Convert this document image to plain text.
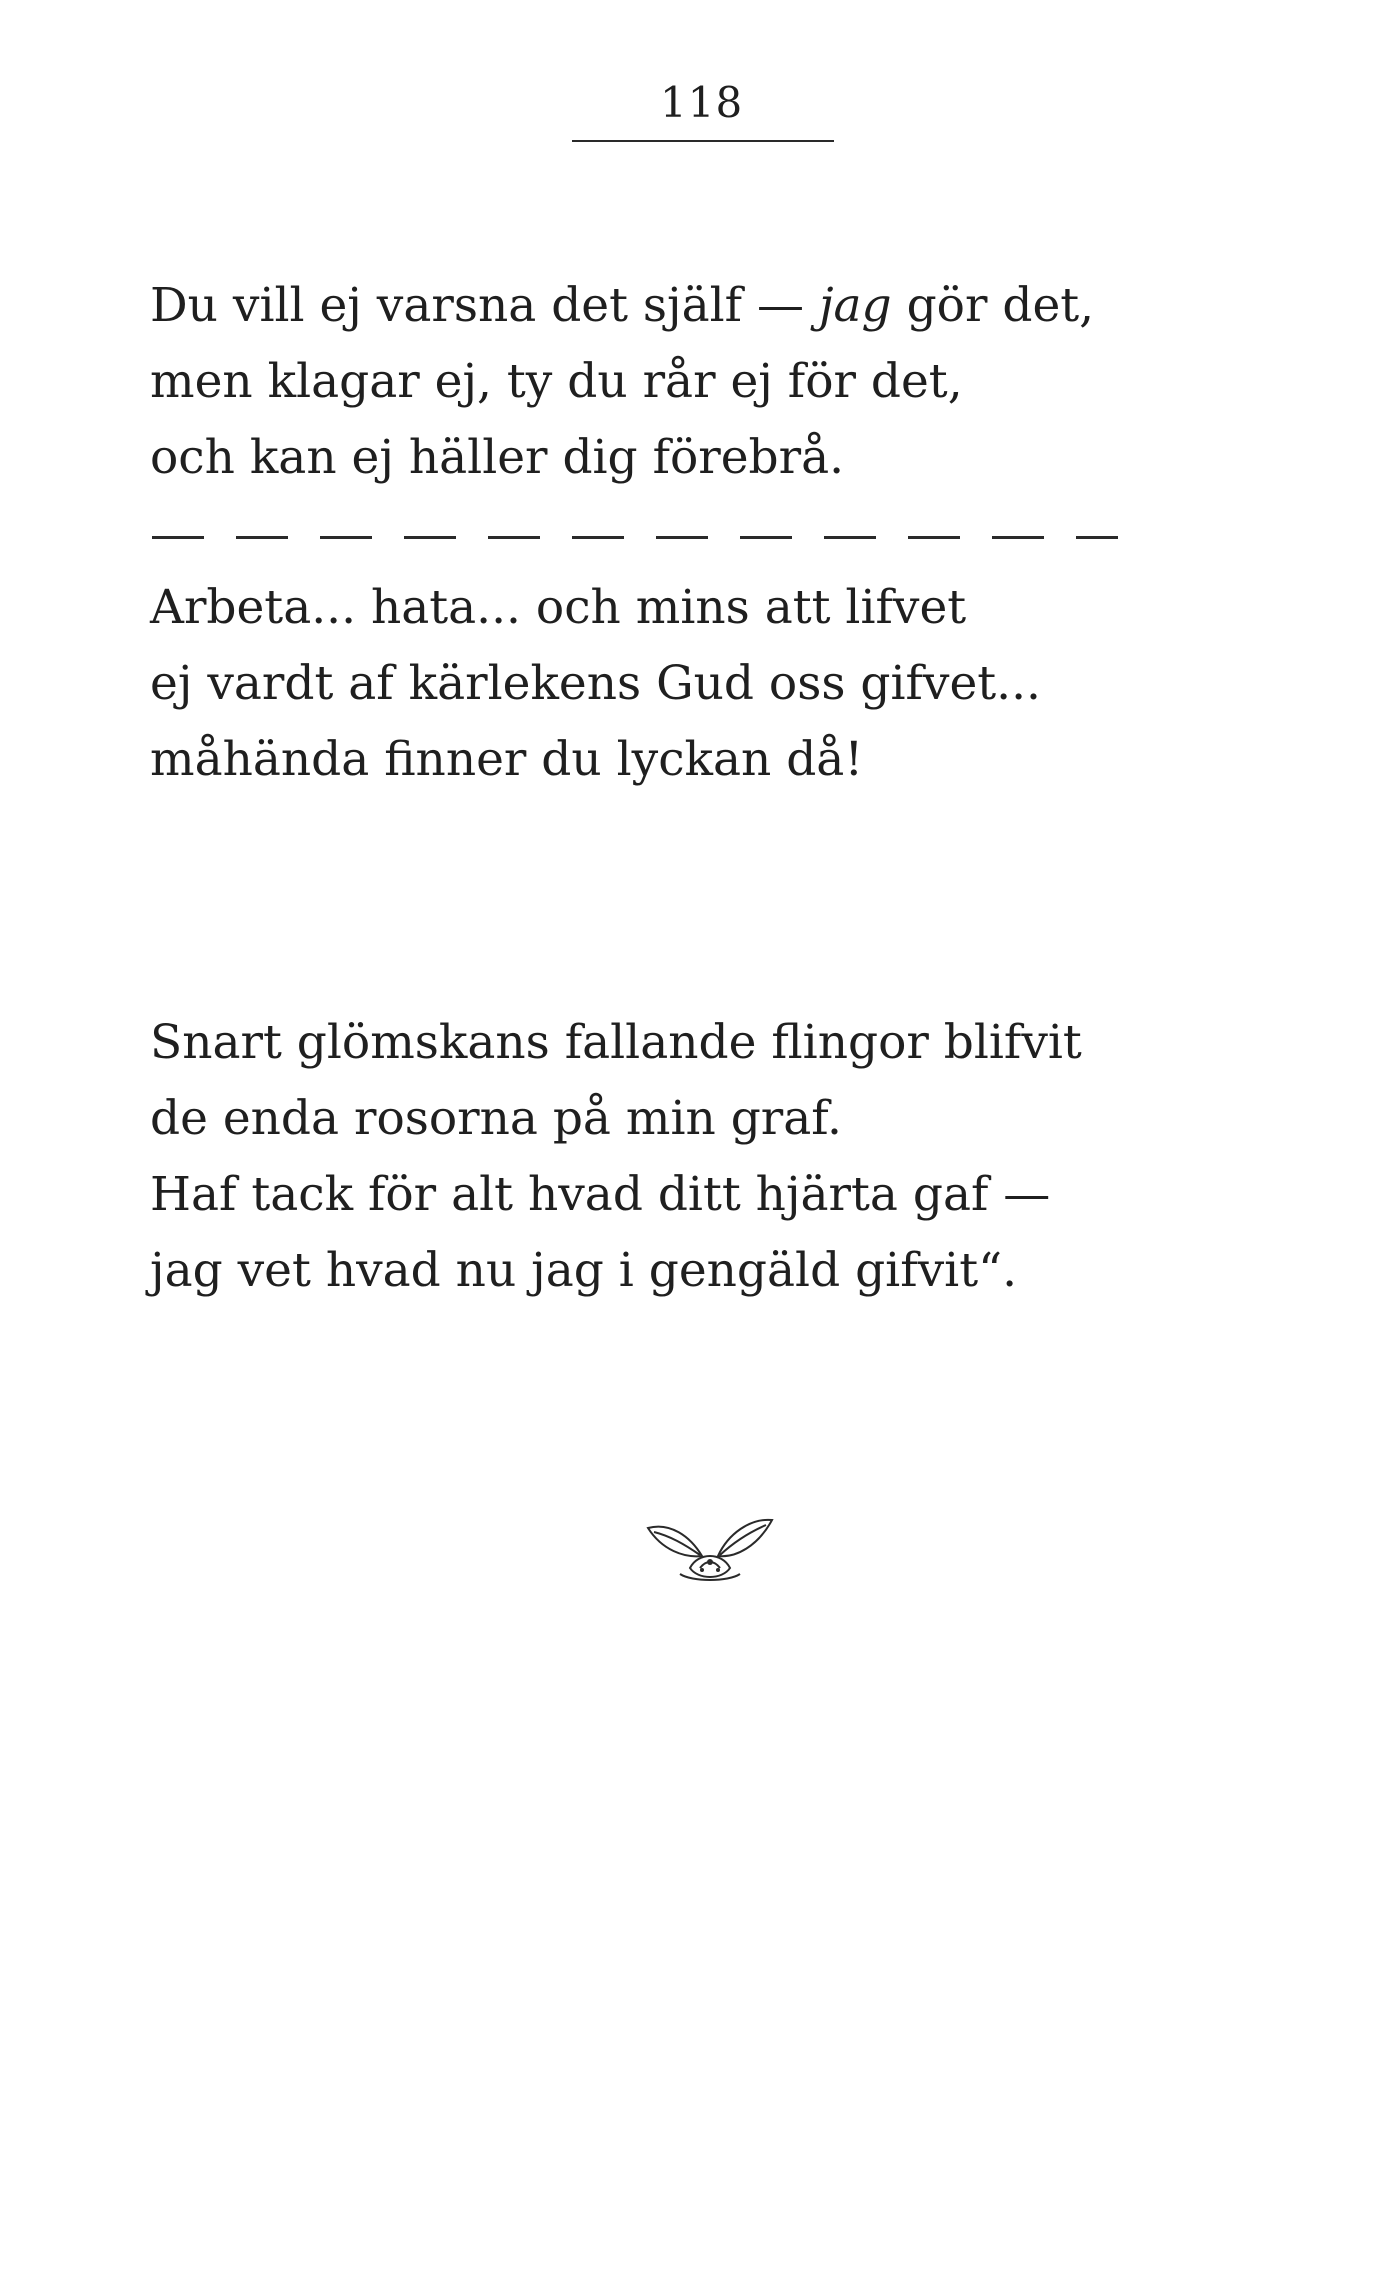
118
Du vill ej varsna det själf — jag gör det,
men klagar ej, ty du rår ej för det,
och kan ej häller dig förebrå.
Arbeta... hata... och mins att lifvet
ej vardt af kärlekens Gud oss gifvet...
måhända finner du lyckan då!
Snart glömskans fallande flingor blifvit
de enda rosorna på min graf.
Haf tack för alt hvad ditt hjärta gaf —
jag vet hvad nu jag i gengäld gifvit“.
